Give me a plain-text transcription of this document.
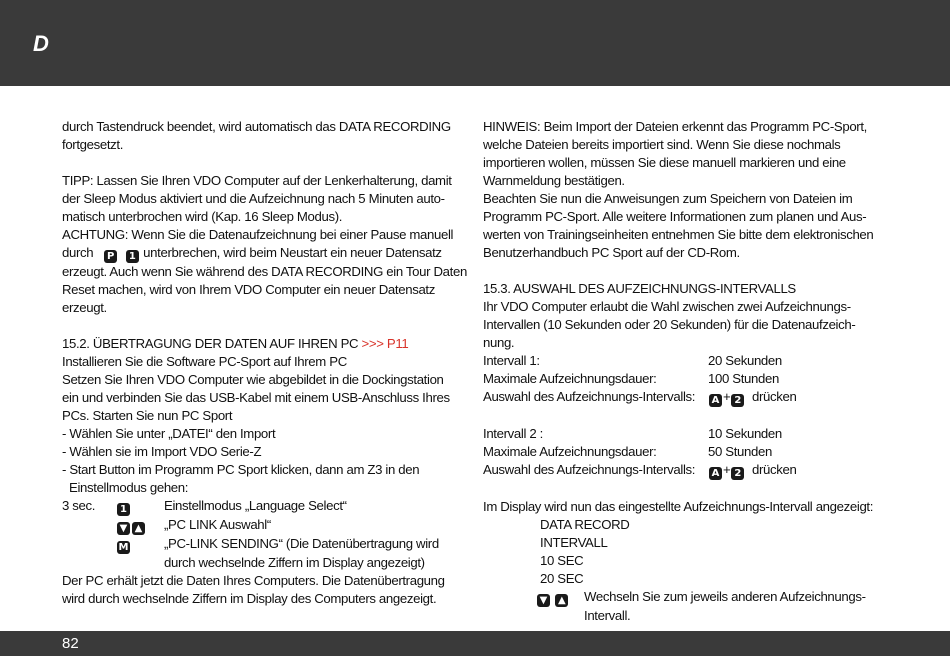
D
durch Tastendruck beendet, wird automatisch das DATA RECORDING
fortgesetzt.
TIPP: Lassen Sie Ihren VDO Computer auf der Lenkerhalterung, damit
der Sleep Modus aktiviert und die Aufzeichnung nach 5 Minuten auto-
matisch unterbrochen wird (Kap. 16 Sleep Modus).
ACHTUNG: Wenn Sie die Datenaufzeichnung bei einer Pause manuell
durch P 1 unterbrechen, wird beim Neustart ein neuer Datensatz
erzeugt. Auch wenn Sie während des DATA RECORDING ein Tour Daten
Reset machen, wird von Ihrem VDO Computer ein neuer Datensatz
erzeugt.
15.2. ÜBERTRAGUNG DER DATEN AUF IHREN PC >>> P11
Installieren Sie die Software PC-Sport auf Ihrem PC
Setzen Sie Ihren VDO Computer wie abgebildet in die Dockingstation
ein und verbinden Sie das USB-Kabel mit einem USB-Anschluss Ihres
PCs. Starten Sie nun PC Sport
- Wählen Sie unter „DATEI“ den Import
- Wählen sie im Import VDO Serie-Z
- Start Button im Programm PC Sport klicken, dann am Z3 in den
Einstellmodus gehen:
3 sec.	1	Einstellmodus „Language Select“
▼ ▲	„PC LINK Auswahl“
M	„PC-LINK SENDING“ (Die Datenübertragung wird
durch wechselnde Ziffern im Display angezeigt)
Der PC erhält jetzt die Daten Ihres Computers. Die Datenübertragung
wird durch wechselnde Ziffern im Display des Computers angezeigt.
HINWEIS: Beim Import der Dateien erkennt das Programm PC-Sport,
welche Dateien bereits importiert sind. Wenn Sie diese nochmals
importieren wollen, müssen Sie diese manuell markieren und eine
Warnmeldung bestätigen.
Beachten Sie nun die Anweisungen zum Speichern von Dateien im
Programm PC-Sport. Alle weitere Informationen zum planen und Aus-
werten von Trainingseinheiten entnehmen Sie bitte dem elektronischen
Benutzerhandbuch PC Sport auf der CD-Rom.
15.3. AUSWAHL DES AUFZEICHNUNGS-INTERVALLS
Ihr VDO Computer erlaubt die Wahl zwischen zwei Aufzeichnungs-
Intervallen (10 Sekunden oder 20 Sekunden) für die Datenaufzeich-
nung.
Intervall 1:	20 Sekunden
Maximale Aufzeichnungsdauer:	100 Stunden
Auswahl des Aufzeichnungs-Intervalls:	A + 2 drücken
Intervall 2 :	10 Sekunden
Maximale Aufzeichnungsdauer:	50 Stunden
Auswahl des Aufzeichnungs-Intervalls:	A + 2 drücken
Im Display wird nun das eingestellte Aufzeichnungs-Intervall angezeigt:
DATA RECORD
INTERVALL
10 SEC
20 SEC
▼ ▲	Wechseln Sie zum jeweils anderen Aufzeichnungs-
Intervall.
82
